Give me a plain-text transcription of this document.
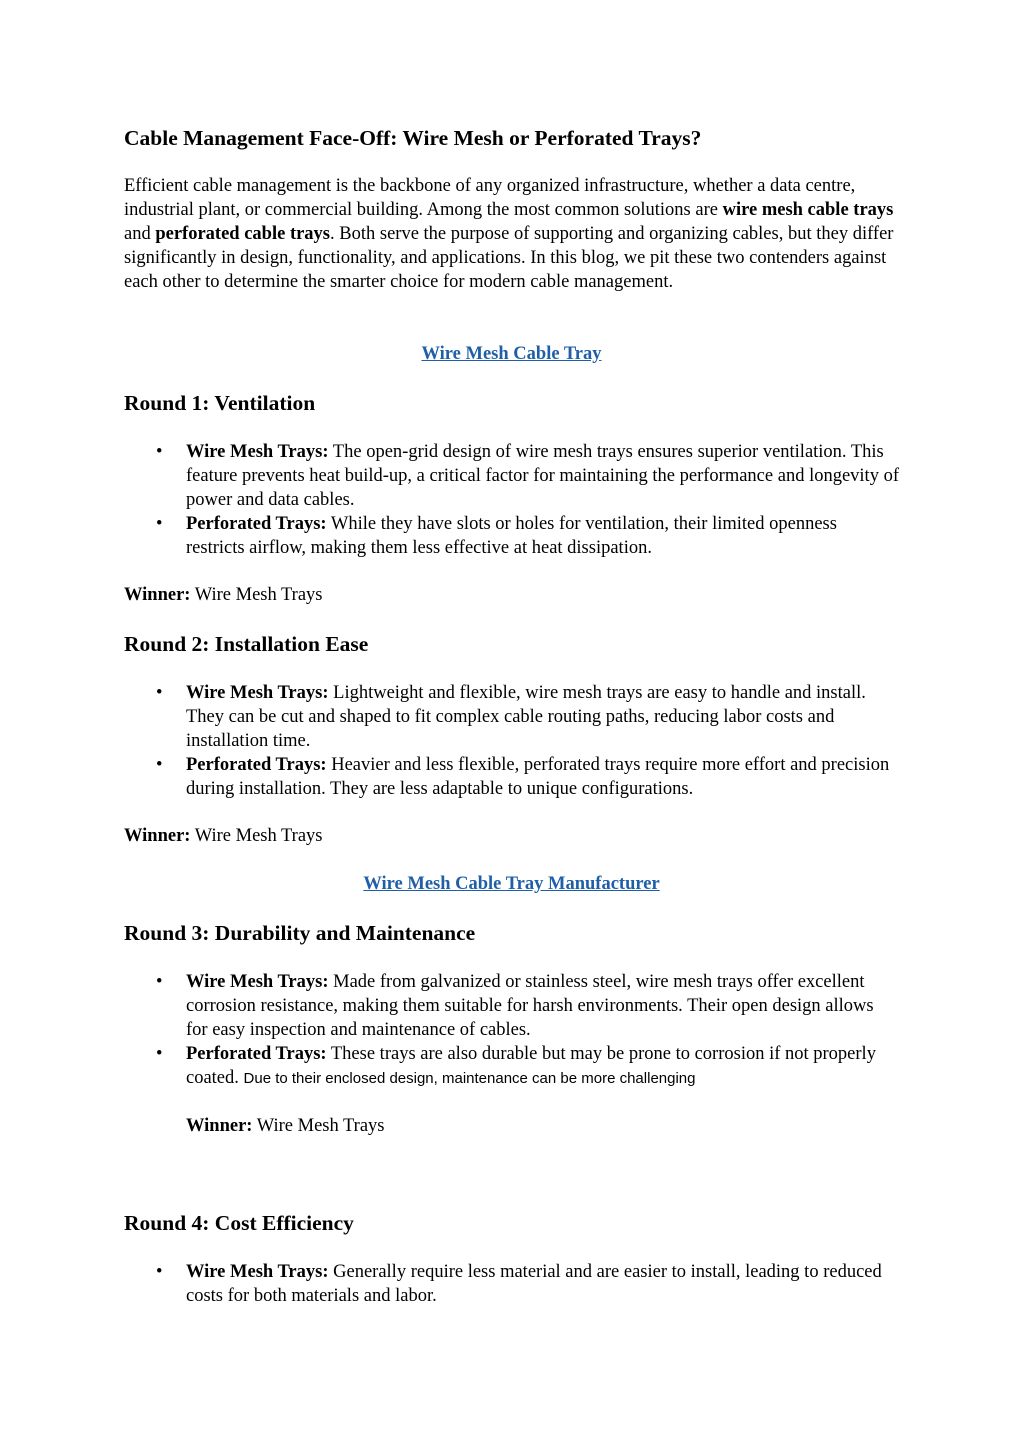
Cable Management Face-Off: Wire Mesh or Perforated Trays?

Efficient cable management is the backbone of any organized infrastructure, whether a data centre, industrial plant, or commercial building. Among the most common solutions are wire mesh cable trays and perforated cable trays. Both serve the purpose of supporting and organizing cables, but they differ significantly in design, functionality, and applications. In this blog, we pit these two contenders against each other to determine the smarter choice for modern cable management.

Wire Mesh Cable Tray

Round 1: Ventilation
• Wire Mesh Trays: The open-grid design of wire mesh trays ensures superior ventilation. This feature prevents heat build-up, a critical factor for maintaining the performance and longevity of power and data cables.
• Perforated Trays: While they have slots or holes for ventilation, their limited openness restricts airflow, making them less effective at heat dissipation.

Winner: Wire Mesh Trays

Round 2: Installation Ease
• Wire Mesh Trays: Lightweight and flexible, wire mesh trays are easy to handle and install. They can be cut and shaped to fit complex cable routing paths, reducing labor costs and installation time.
• Perforated Trays: Heavier and less flexible, perforated trays require more effort and precision during installation. They are less adaptable to unique configurations.

Winner: Wire Mesh Trays

Wire Mesh Cable Tray Manufacturer

Round 3: Durability and Maintenance
• Wire Mesh Trays: Made from galvanized or stainless steel, wire mesh trays offer excellent corrosion resistance, making them suitable for harsh environments. Their open design allows for easy inspection and maintenance of cables.
• Perforated Trays: These trays are also durable but may be prone to corrosion if not properly coated. Due to their enclosed design, maintenance can be more challenging

Winner: Wire Mesh Trays

Round 4: Cost Efficiency
• Wire Mesh Trays: Generally require less material and are easier to install, leading to reduced costs for both materials and labor.
